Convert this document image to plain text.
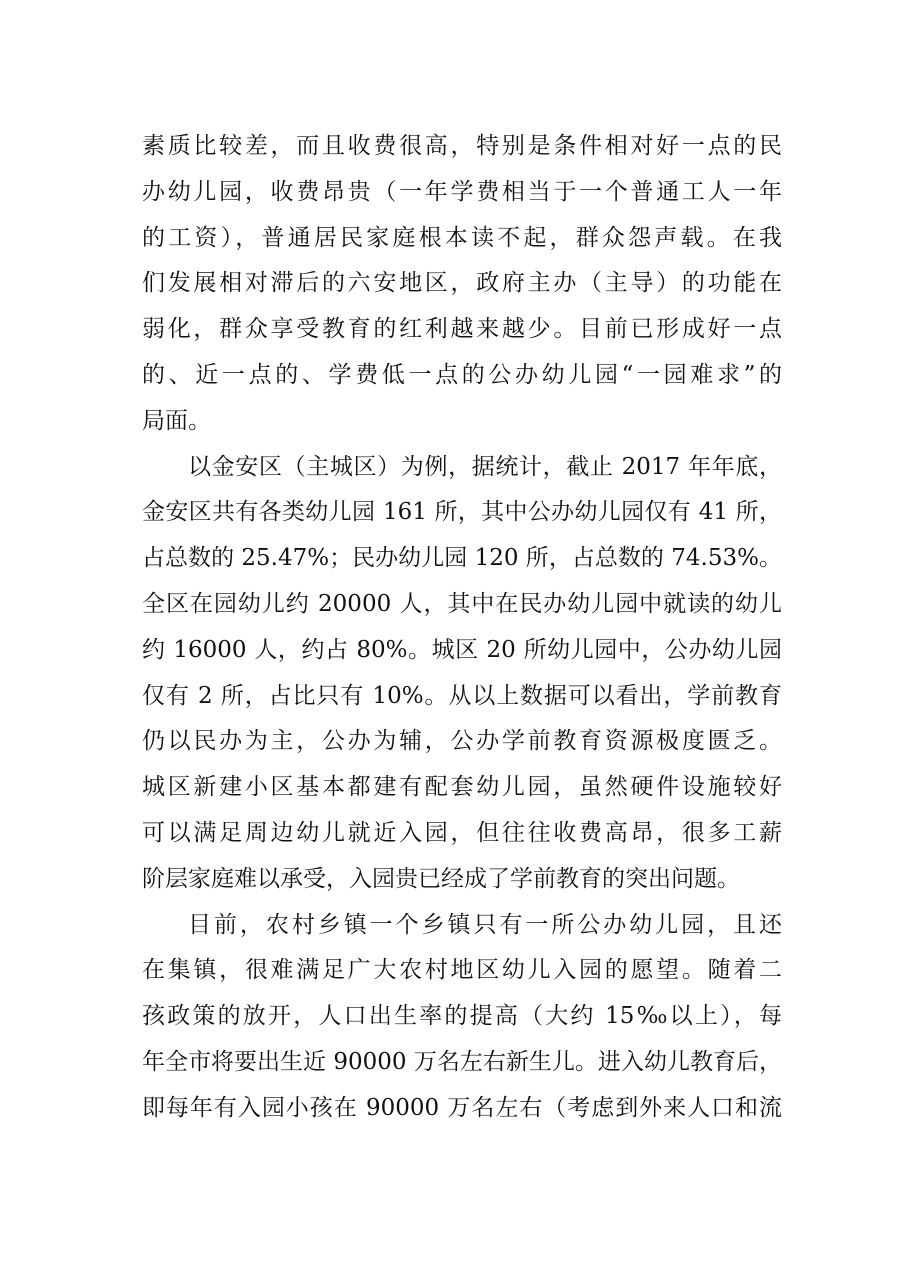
素质比较差，而且收费很高，特别是条件相对好一点的民
办幼儿园，收费昂贵（一年学费相当于一个普通工人一年
的工资），普通居民家庭根本读不起，群众怨声载。在我
们发展相对滞后的六安地区，政府主办（主导）的功能在
弱化，群众享受教育的红利越来越少。目前已形成好一点
的、近一点的、学费低一点的公办幼儿园“一园难求”的
局面。
以金安区（主城区）为例，据统计，截止 2017 年年底，
金安区共有各类幼儿园 161 所，其中公办幼儿园仅有 41 所，
占总数的 25.47%；民办幼儿园 120 所，占总数的 74.53%。
全区在园幼儿约 20000 人，其中在民办幼儿园中就读的幼儿
约 16000 人，约占 80%。城区 20 所幼儿园中，公办幼儿园
仅有 2 所，占比只有 10%。从以上数据可以看出，学前教育
仍以民办为主，公办为辅，公办学前教育资源极度匮乏。
城区新建小区基本都建有配套幼儿园，虽然硬件设施较好
可以满足周边幼儿就近入园，但往往收费高昂，很多工薪
阶层家庭难以承受，入园贵已经成了学前教育的突出问题。
目前，农村乡镇一个乡镇只有一所公办幼儿园，且还
在集镇，很难满足广大农村地区幼儿入园的愿望。随着二
孩政策的放开，人口出生率的提高（大约 15‰以上），每
年全市将要出生近 90000 万名左右新生儿。进入幼儿教育后，
即每年有入园小孩在 90000 万名左右（考虑到外来人口和流
